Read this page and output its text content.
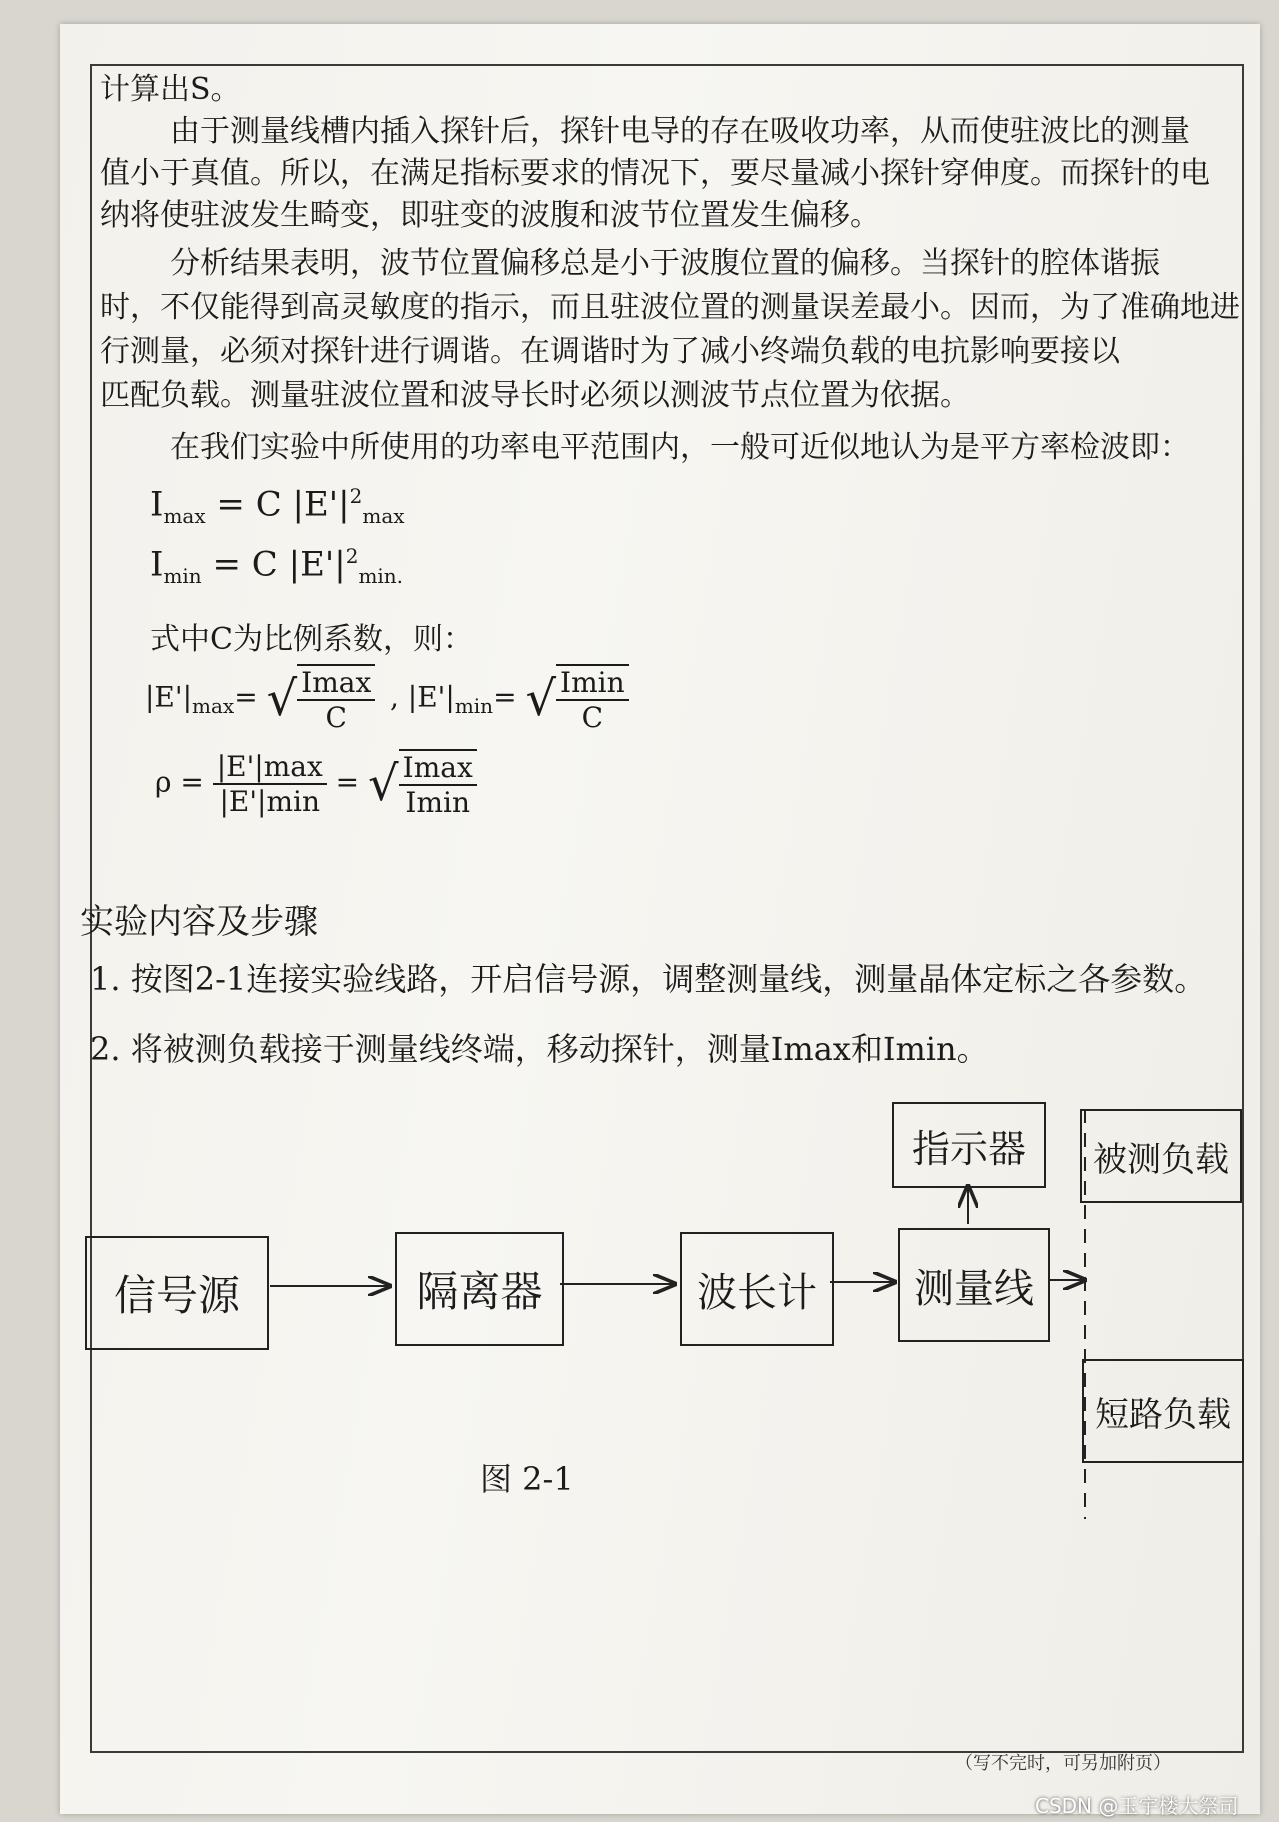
计算出S。
由于测量线槽内插入探针后，探针电导的存在吸收功率，从而使驻波比的测量
值小于真值。所以，在满足指标要求的情况下，要尽量减小探针穿伸度。而探针的电
纳将使驻波发生畸变，即驻变的波腹和波节位置发生偏移。
分析结果表明，波节位置偏移总是小于波腹位置的偏移。当探针的腔体谐振
时，不仅能得到高灵敏度的指示，而且驻波位置的测量误差最小。因而，为了准确地进
行测量，必须对探针进行调谐。在调谐时为了减小终端负载的电抗影响要接以
匹配负载。测量驻波位置和波导长时必须以测波节点位置为依据。
在我们实验中所使用的功率电平范围内，一般可近似地认为是平方率检波即：
$I_{max} = C$ $|E'|^2_{max}$
$I_{min} = C$ $|E'|^2_{min.}$
式中C为比例系数，则：
$|E'|_{max}=$ √ $\frac{Imax}{C}$ , $|E'|_{min}=$ √ $\frac{Imin}{C}$
$\rho = \frac{|E'|\max}{|E'|\min}$ = √ $\frac{Imax}{Imin}$
实验内容及步骤
1. 按图2-1连接实验线路，开启信号源，调整测量线，测量晶体定标之各参数。
2. 将被测负载接于测量线终端，移动探针，测量Imax和Imin。
信号源	隔离器	波长计	测量线
指示器	被测负载
短路负载
图 2-1
（写不完时，可另加附页）
CSDN @玉宇楼大祭司
